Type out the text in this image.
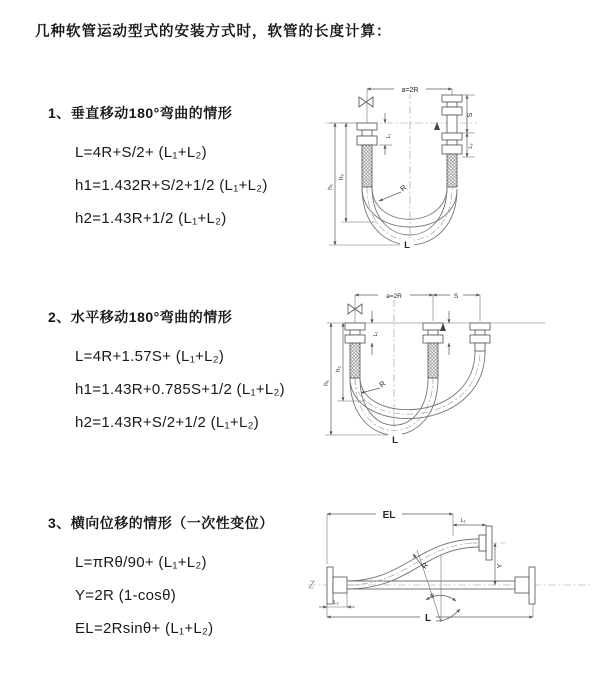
几种软管运动型式的安装方式时，软管的长度计算：
1、垂直移动180°弯曲的情形
L=4R+S/2+ (L₁+L₂)
h1=1.432R+S/2+1/2 (L₁+L₂)
h2=1.43R+1/2 (L₁+L₂)
a=2R
h₁
h₂
L₁
S
L₂
R
L
2、水平移动180°弯曲的情形
L=4R+1.57S+ (L₁+L₂)
h1=1.43R+0.785S+1/2 (L₁+L₂)
h2=1.43R+S/2+1/2 (L₁+L₂)
a=2R	S
h₁
h₂
L₁
R
L
3、横向位移的情形（一次性变位）
L=πRθ/90+ (L₁+L₂)
Y=2R (1-cosθ)
EL=2Rsinθ+ (L₁+L₂)
θ
R
EL	L₁
Y
L
L₂
